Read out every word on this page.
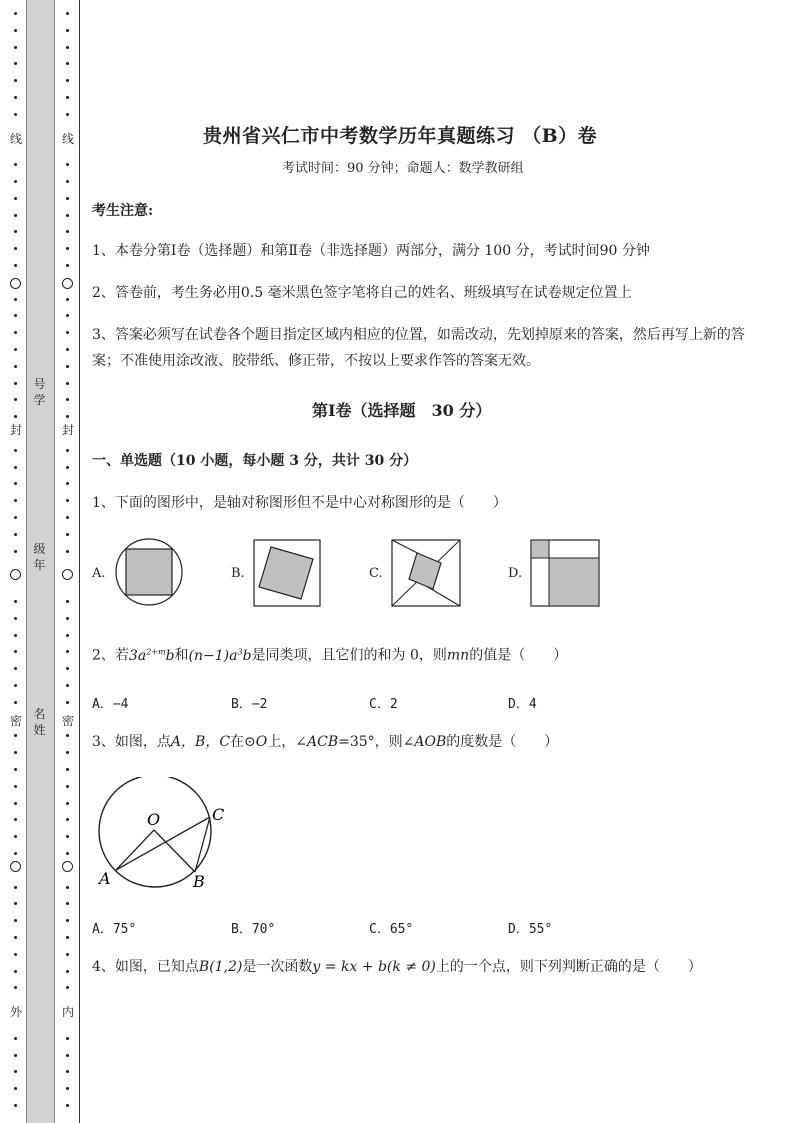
线
封
密
外
线
封
密
内
号
学
级
年
名
姓
贵州省兴仁市中考数学历年真题练习 （B）卷
考试时间：90 分钟；命题人：数学教研组
考生注意:
1、本卷分第Ⅰ卷（选择题）和第Ⅱ卷（非选择题）两部分，满分 100 分，考试时间90 分钟
2、答卷前，考生务必用0.5 毫米黑色签字笔将自己的姓名、班级填写在试卷规定位置上
3、答案必须写在试卷各个题目指定区域内相应的位置，如需改动，先划掉原来的答案，然后再写上新的答案；不准使用涂改液、胶带纸、修正带，不按以上要求作答的答案无效。
第Ⅰ卷（选择题　30 分）
一、单选题（10 小题，每小题 3 分，共计 30 分）
1、下面的图形中，是轴对称图形但不是中心对称图形的是（　　）
A.	B.	C.	D.
2、若$3a^{2+m}b$和$(n-1)a^3b$是同类项，且它们的和为 0，则mn的值是（　　）
A．−4	B．−2	C．2	D．4
3、如图，点A，B，C在⊙O上，∠ACB=35°，则∠AOB的度数是（　　）
O
A	B
C
A．75°	B．70°	C．65°	D．55°
4、如图，已知点B(1,2)是一次函数y = kx + b(k ≠ 0)上的一个点，则下列判断正确的是（　　）
